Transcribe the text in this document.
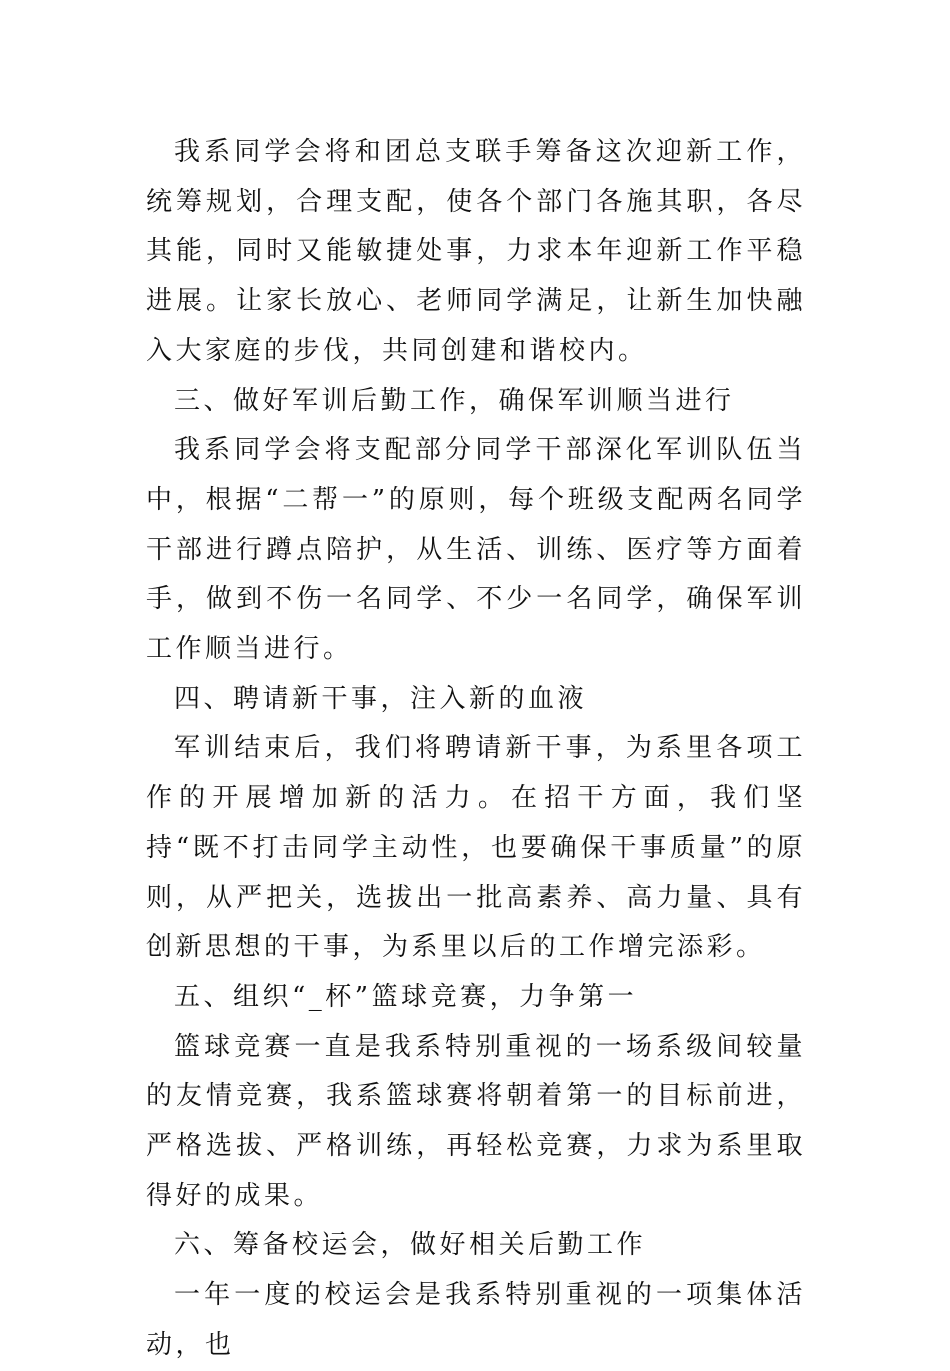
我系同学会将和团总支联手筹备这次迎新工作，统筹规划，合理支配，使各个部门各施其职，各尽其能，同时又能敏捷处事，力求本年迎新工作平稳进展。让家长放心、老师同学满足，让新生加快融入大家庭的步伐，共同创建和谐校内。

三、做好军训后勤工作，确保军训顺当进行

我系同学会将支配部分同学干部深化军训队伍当中，根据“二帮一”的原则，每个班级支配两名同学干部进行蹲点陪护，从生活、训练、医疗等方面着手，做到不伤一名同学、不少一名同学，确保军训工作顺当进行。

四、聘请新干事，注入新的血液

军训结束后，我们将聘请新干事，为系里各项工作的开展增加新的活力。在招干方面，我们坚持“既不打击同学主动性，也要确保干事质量”的原则，从严把关，选拔出一批高素养、高力量、具有创新思想的干事，为系里以后的工作增完添彩。

五、组织“_杯”篮球竞赛，力争第一

篮球竞赛一直是我系特别重视的一场系级间较量的友情竞赛，我系篮球赛将朝着第一的目标前进，严格选拔、严格训练，再轻松竞赛，力求为系里取得好的成果。

六、筹备校运会，做好相关后勤工作

一年一度的校运会是我系特别重视的一项集体活动，也
